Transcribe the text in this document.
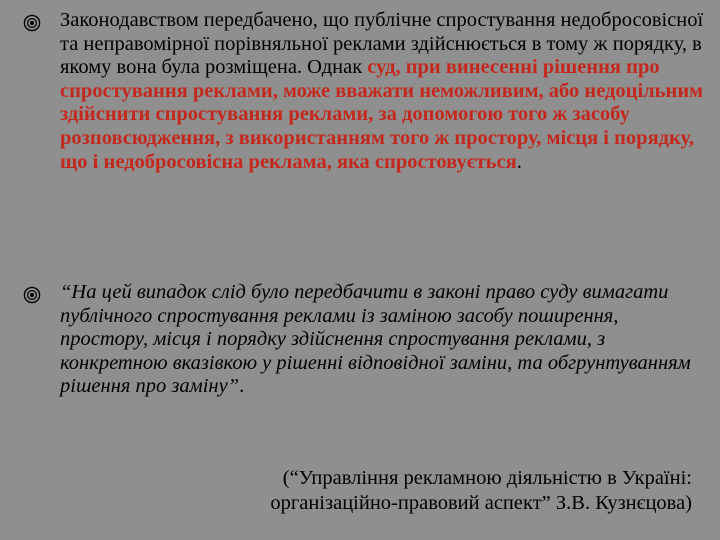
Законодавством передбачено, що публічне спростування недобросовісної та неправомірної порівняльної реклами здійснюється в тому ж порядку, в якому вона була розміщена. Однак суд, при винесенні рішення про спростування реклами, може вважати неможливим, або недоцільним здійснити спростування реклами, за допомогою того ж засобу розповсюдження, з використанням того ж простору, місця і порядку, що і недобросовісна реклама, яка спростовується.
“На цей випадок слід було передбачити в законі право суду вимагати публічного спростування реклами із заміною засобу поширення, простору, місця і порядку здійснення спростування реклами, з конкретною вказівкою у рішенні відповідної заміни, та обгрунтуванням рішення про заміну”.
(“Управління рекламною діяльністю в Україні:
організаційно-правовий аспект” З.В. Кузнєцова)
